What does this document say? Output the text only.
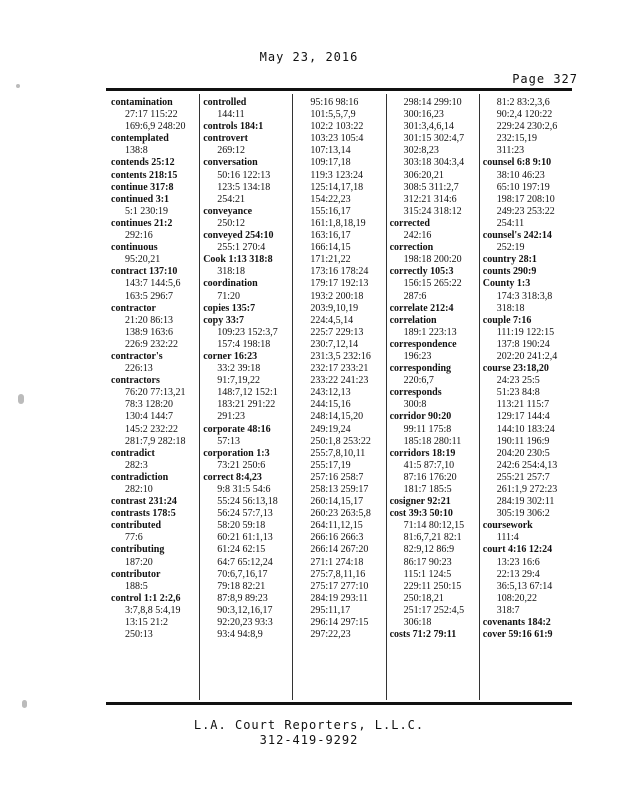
May 23, 2016
Page 327
contamination
27:17 115:22
169:6,9 248:20
contemplated
138:8
contends 25:12
contents 218:15
continue 317:8
continued 3:1
5:1 230:19
continues 21:2
292:16
continuous
95:20,21
contract 137:10
143:7 144:5,6
163:5 296:7
contractor
21:20 86:13
138:9 163:6
226:9 232:22
contractor's
226:13
contractors
76:20 77:13,21
78:3 128:20
130:4 144:7
145:2 232:22
281:7,9 282:18
contradict
282:3
contradiction
282:10
contrast 231:24
contrasts 178:5
contributed
77:6
contributing
187:20
contributor
188:5
control 1:1 2:2,6
3:7,8,8 5:4,19
13:15 21:2
250:13
controlled
144:11
controls 184:1
controvert
269:12
conversation
50:16 122:13
123:5 134:18
254:21
conveyance
250:12
conveyed 254:10
255:1 270:4
Cook 1:13 318:8
318:18
coordination
71:20
copies 135:7
copy 33:7
109:23 152:3,7
157:4 198:18
corner 16:23
33:2 39:18
91:7,19,22
148:7,12 152:1
183:21 291:22
291:23
corporate 48:16
57:13
corporation 1:3
73:21 250:6
correct 8:4,23
9:8 31:5 54:6
55:24 56:13,18
56:24 57:7,13
58:20 59:18
60:21 61:1,13
61:24 62:15
64:7 65:12,24
70:6,7,16,17
79:18 82:21
87:8,9 89:23
90:3,12,16,17
92:20,23 93:3
93:4 94:8,9
95:16 98:16
101:5,5,7,9
102:2 103:22
103:23 105:4
107:13,14
109:17,18
119:3 123:24
125:14,17,18
154:22,23
155:16,17
161:1,8,18,19
163:16,17
166:14,15
171:21,22
173:16 178:24
179:17 192:13
193:2 200:18
203:9,10,19
224:4,5,14
225:7 229:13
230:7,12,14
231:3,5 232:16
232:17 233:21
233:22 241:23
243:12,13
244:15,16
248:14,15,20
249:19,24
250:1,8 253:22
255:7,8,10,11
255:17,19
257:16 258:7
258:13 259:17
260:14,15,17
260:23 263:5,8
264:11,12,15
266:16 266:3
266:14 267:20
271:1 274:18
275:7,8,11,16
275:17 277:10
284:19 293:11
295:11,17
296:14 297:15
297:22,23
298:14 299:10
300:16,23
301:3,4,6,14
301:15 302:4,7
302:8,23
303:18 304:3,4
306:20,21
308:5 311:2,7
312:21 314:6
315:24 318:12
corrected
242:16
correction
198:18 200:20
correctly 105:3
156:15 265:22
287:6
correlate 212:4
correlation
189:1 223:13
correspondence
196:23
corresponding
220:6,7
corresponds
300:8
corridor 90:20
99:11 175:8
185:18 280:11
corridors 18:19
41:5 87:7,10
87:16 176:20
181:7 185:5
cosigner 92:21
cost 39:3 50:10
71:14 80:12,15
81:6,7,21 82:1
82:9,12 86:9
86:17 90:23
115:1 124:5
229:11 250:15
250:18,21
251:17 252:4,5
306:18
costs 71:2 79:11
81:2 83:2,3,6
90:2,4 120:22
229:24 230:2,6
232:15,19
311:23
counsel 6:8 9:10
38:10 46:23
65:10 197:19
198:17 208:10
249:23 253:22
254:11
counsel's 242:14
252:19
country 28:1
counts 290:9
County 1:3
174:3 318:3,8
318:18
couple 7:16
111:19 122:15
137:8 190:24
202:20 241:2,4
course 23:18,20
24:23 25:5
51:23 84:8
113:21 115:7
129:17 144:4
144:10 183:24
190:11 196:9
204:20 230:5
242:6 254:4,13
255:21 257:7
261:1,9 272:23
284:19 302:11
305:19 306:2
coursework
111:4
court 4:16 12:24
13:23 16:6
22:13 29:4
36:5,13 67:14
108:20,22
318:7
covenants 184:2
cover 59:16 61:9
L.A. Court Reporters, L.L.C.
312-419-9292
